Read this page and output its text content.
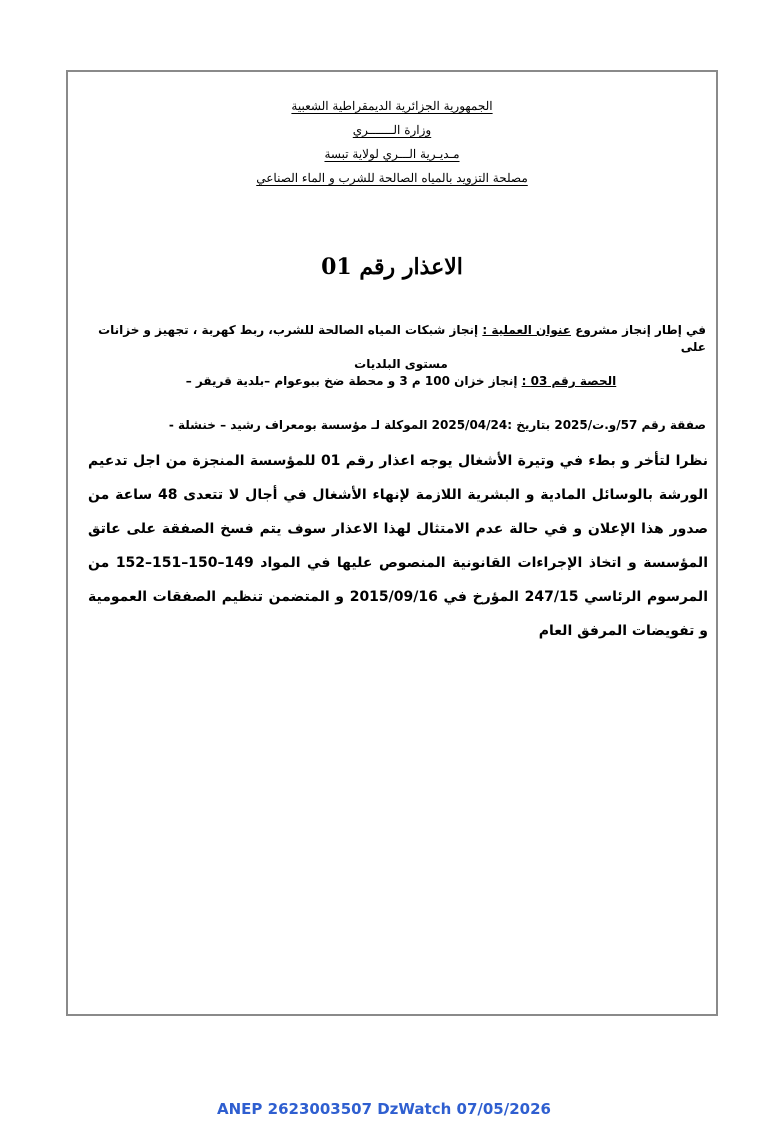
الجمهورية الجزائرية الديمقراطية الشعبية
وزارة الـــــــري
مـديـرية الـــري لولاية تبسة
مصلحة التزويد بالمياه الصالحة للشرب و الماء الصناعي
الاعذار رقم 01
في إطار إنجاز مشروع عنوان العملية : إنجاز شبكات المياه الصالحة للشرب، ربط كهربة ، تجهيز و خزانات على
مستوى البلديات
الحصة رقم 03 : إنجاز خزان 100 م 3 و محطة ضخ ببوعوام –بلدية قريقر –
صفقة رقم 57/و.ت/2025 بتاريخ :2025/04/24 الموكلة لـ مؤسسة بومعراف رشيد – خنشلة -
نظرا لتأخر و بطء في وتيرة الأشغال يوجه اعذار رقم 01 للمؤسسة المنجزة من اجل تدعيم الورشة بالوسائل المادية و البشرية اللازمة لإنهاء الأشغال في أجال لا تتعدى 48 ساعة من صدور هذا الإعلان و في حالة عدم الامتثال لهذا الاعذار سوف يتم فسخ الصفقة على عاتق المؤسسة و اتخاذ الإجراءات القانونية المنصوص عليها في المواد 149–150–151–152 من المرسوم الرئاسي 247/15 المؤرخ في 2015/09/16 و المتضمن تنظيم الصفقات العمومية و تفويضات المرفق العام
ANEP 2623003507 DzWatch 07/05/2026
